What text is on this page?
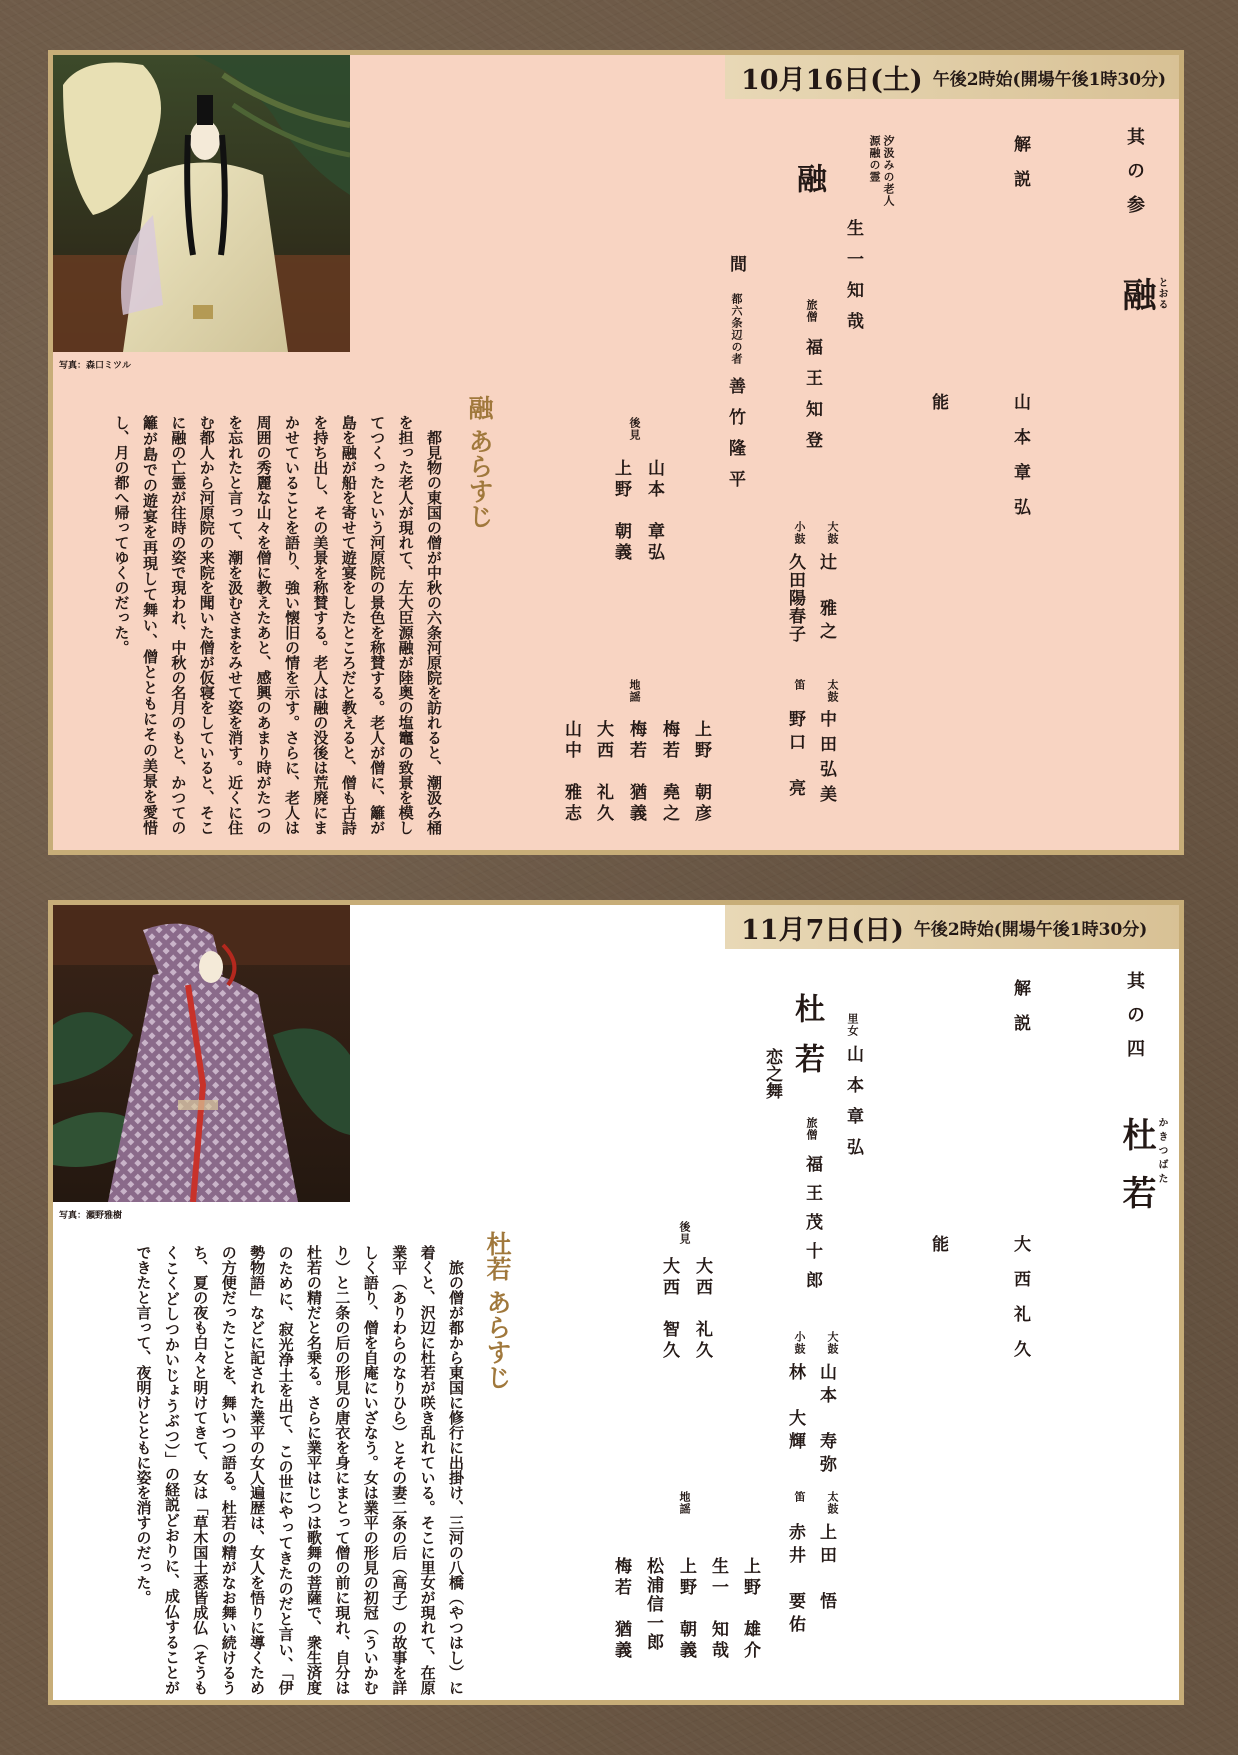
10月16日(土) 午後2時始(開場午後1時30分)
写真：森口ミツル
其の参
融 とおる
解説
山本章弘
能
融	汐汲みの老人
源融の霊
生一知哉
旅僧
福王知登
間
都六条辺の者
善竹隆平
大鼓
辻　雅之
小鼓
久田陽春子
太鼓
中田弘美
笛
野口　亮
後見
山本　章弘
上野　朝義
地謡
上野　朝彦
梅若　堯之
梅若　猶義
大西　礼久
山中　雅志
融 あらすじ
　都見物の東国の僧が中秋の六条河原院を訪れると、潮汲み桶を担った老人が現れて、左大臣源融が陸奥の塩竈の致景を模してつくったという河原院の景色を称賛する。老人が僧に、籬が島を融が船を寄せて遊宴をしたところだと教えると、僧も古詩を持ち出し、その美景を称賛する。老人は融の没後は荒廃にまかせていることを語り、強い懐旧の情を示す。さらに、老人は周囲の秀麗な山々を僧に教えたあと、感興のあまり時がたつのを忘れたと言って、潮を汲むさまをみせて姿を消す。近くに住む都人から河原院の来院を聞いた僧が仮寝をしていると、そこに融の亡霊が往時の姿で現われ、中秋の名月のもと、かつての籬が島での遊宴を再現して舞い、僧とともにその美景を愛惜し、月の都へ帰ってゆくのだった。
11月7日(日) 午後2時始(開場午後1時30分)
写真：瀬野雅樹
其の四
杜若 かきつばた
解説
大西礼久
能
杜若
恋之舞
里女
山本章弘
旅僧
福王茂十郎
後見
大西　礼久
大西　智久	大鼓
山本　寿弥
小鼓
林　大輝
太鼓
上田　悟
笛
赤井　要佑
地謡
上野　雄介
生一　知哉
上野　朝義
松浦信一郎
梅若　猶義
杜若 あらすじ
　旅の僧が都から東国に修行に出掛け、三河の八橋（やつはし）に着くと、沢辺に杜若が咲き乱れている。そこに里女が現れて、在原業平（ありわらのなりひら）とその妻二条の后（高子）の故事を詳しく語り、僧を自庵にいざなう。女は業平の形見の初冠（ういかむり）と二条の后の形見の唐衣を身にまとって僧の前に現れ、自分は杜若の精だと名乗る。さらに業平はじつは歌舞の菩薩で、衆生済度のために、寂光浄土を出て、この世にやってきたのだと言い、「伊勢物語」などに記された業平の女人遍歴は、女人を悟りに導くための方便だったことを、舞いつつ語る。杜若の精がなお舞い続けるうち、夏の夜も白々と明けてきて、女は「草木国土悉皆成仏（そうもくこくどしつかいじょうぶつ）」の経説どおりに、成仏することができたと言って、夜明けとともに姿を消すのだった。
